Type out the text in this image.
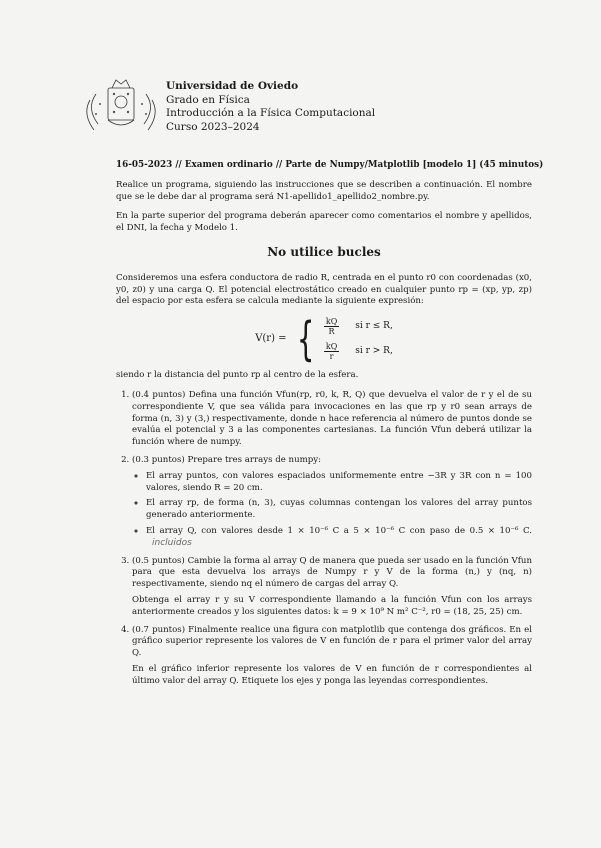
Universidad de Oviedo
Grado en Física
Introducción a la Física Computacional
Curso 2023–2024
16-05-2023 // Examen ordinario // Parte de Numpy/Matplotlib [modelo 1] (45 minutos)

Realice un programa, siguiendo las instrucciones que se describen a continuación. El nombre que se le debe dar al programa será N1-apellido1_apellido2_nombre.py.

En la parte superior del programa deberán aparecer como comentarios el nombre y apellidos, el DNI, la fecha y Modelo 1.

No utilice bucles

Consideremos una esfera conductora de radio R, centrada en el punto r0 con coordenadas (x0, y0, z0) y una carga Q. El potencial electrostático creado en cualquier punto rp = (xp, yp, zp) del espacio por esta esfera se calcula mediante la siguiente expresión:

V(r) = { $\frac{kQ}{R}$ si r ≤ R,
$\frac{kQ}{r}$ si r > R,

siendo r la distancia del punto rp al centro de la esfera.

1. (0.4 puntos) Defina una función Vfun(rp, r0, k, R, Q) que devuelva el valor de r y el de su correspondiente V, que sea válida para invocaciones en las que rp y r0 sean arrays de forma (n, 3) y (3,) respectivamente, donde n hace referencia al número de puntos donde se evalúa el potencial y 3 a las componentes cartesianas. La función Vfun deberá utilizar la función where de numpy.
2. (0.3 puntos) Prepare tres arrays de numpy:
◦ El array puntos, con valores espaciados uniformemente entre −3R y 3R con n = 100 valores, siendo R = 20 cm.
◦ El array rp, de forma (n, 3), cuyas columnas contengan los valores del array puntos generado anteriormente.
◦ El array Q, con valores desde 1 × 10⁻⁶ C a 5 × 10⁻⁶ C con paso de 0.5 × 10⁻⁶ C. incluidos
3. (0.5 puntos) Cambie la forma al array Q de manera que pueda ser usado en la función Vfun para que esta devuelva los arrays de Numpy r y V de la forma (n,) y (nq, n) respectivamente, siendo nq el número de cargas del array Q.
Obtenga el array r y su V correspondiente llamando a la función Vfun con los arrays anteriormente creados y los siguientes datos: k = 9 × 10⁹ N m² C⁻², r0 = (18, 25, 25) cm.
4. (0.7 puntos) Finalmente realice una figura con matplotlib que contenga dos gráficos. En el gráfico superior represente los valores de V en función de r para el primer valor del array Q.
En el gráfico inferior represente los valores de V en función de r correspondientes al último valor del array Q. Etiquete los ejes y ponga las leyendas correspondientes.
